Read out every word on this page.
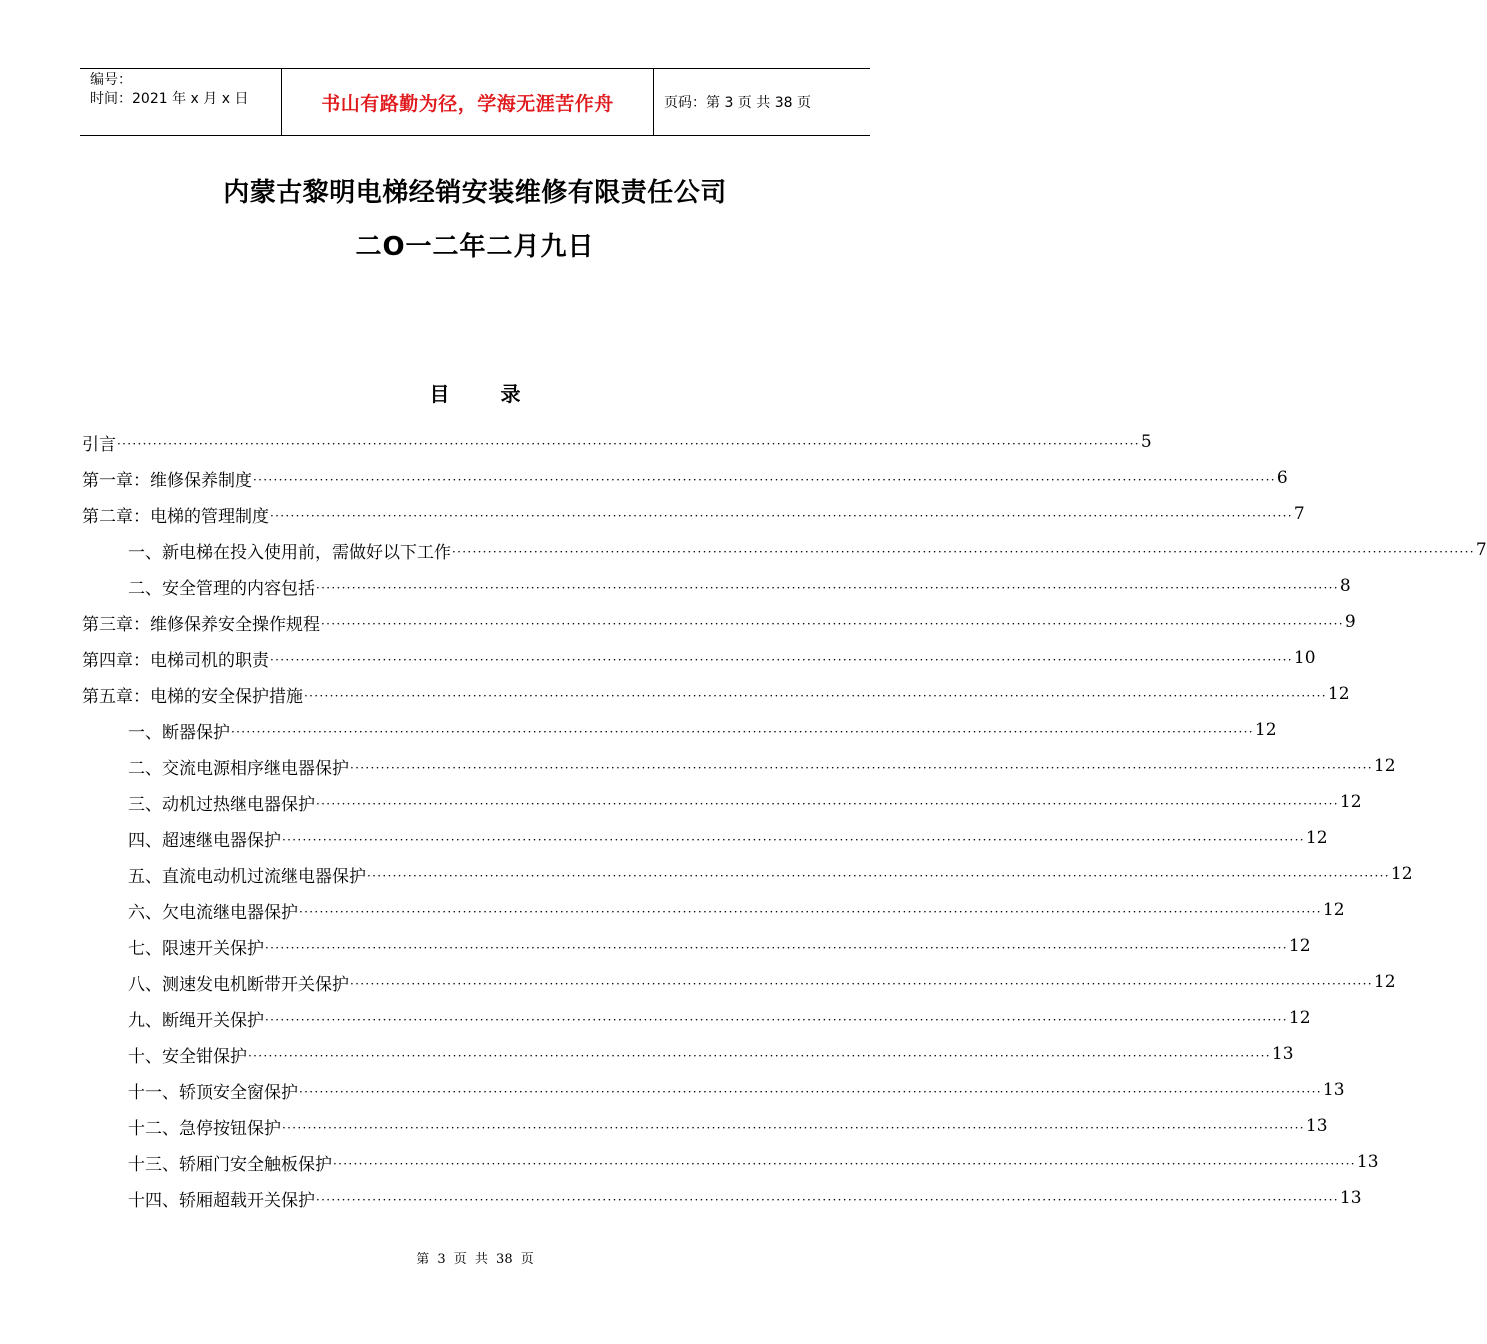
编号：
时间：2021 年 x 月 x 日	书山有路勤为径，学海无涯苦作舟	页码：第 3 页 共 38 页
内蒙古黎明电梯经销安装维修有限责任公司
二O一二年二月九日
目 录
引言 ········································································································································································································ 5
第一章：维修保养制度 ········································································································································································································ 6
第二章：电梯的管理制度 ········································································································································································································ 7
一、新电梯在投入使用前，需做好以下工作 ········································································································································································································ 7
二、安全管理的内容包括 ········································································································································································································ 8
第三章：维修保养安全操作规程 ········································································································································································································ 9
第四章：电梯司机的职责 ········································································································································································································ 10
第五章：电梯的安全保护措施 ········································································································································································································ 12
一、断器保护 ········································································································································································································ 12
二、交流电源相序继电器保护 ········································································································································································································ 12
三、动机过热继电器保护 ········································································································································································································ 12
四、超速继电器保护 ········································································································································································································ 12
五、直流电动机过流继电器保护 ········································································································································································································ 12
六、欠电流继电器保护 ········································································································································································································ 12
七、限速开关保护 ········································································································································································································ 12
八、测速发电机断带开关保护 ········································································································································································································ 12
九、断绳开关保护 ········································································································································································································ 12
十、安全钳保护 ········································································································································································································ 13
十一、轿顶安全窗保护 ········································································································································································································ 13
十二、急停按钮保护 ········································································································································································································ 13
十三、轿厢门安全触板保护 ········································································································································································································ 13
十四、轿厢超载开关保护 ········································································································································································································ 13
第 3 页 共 38 页
